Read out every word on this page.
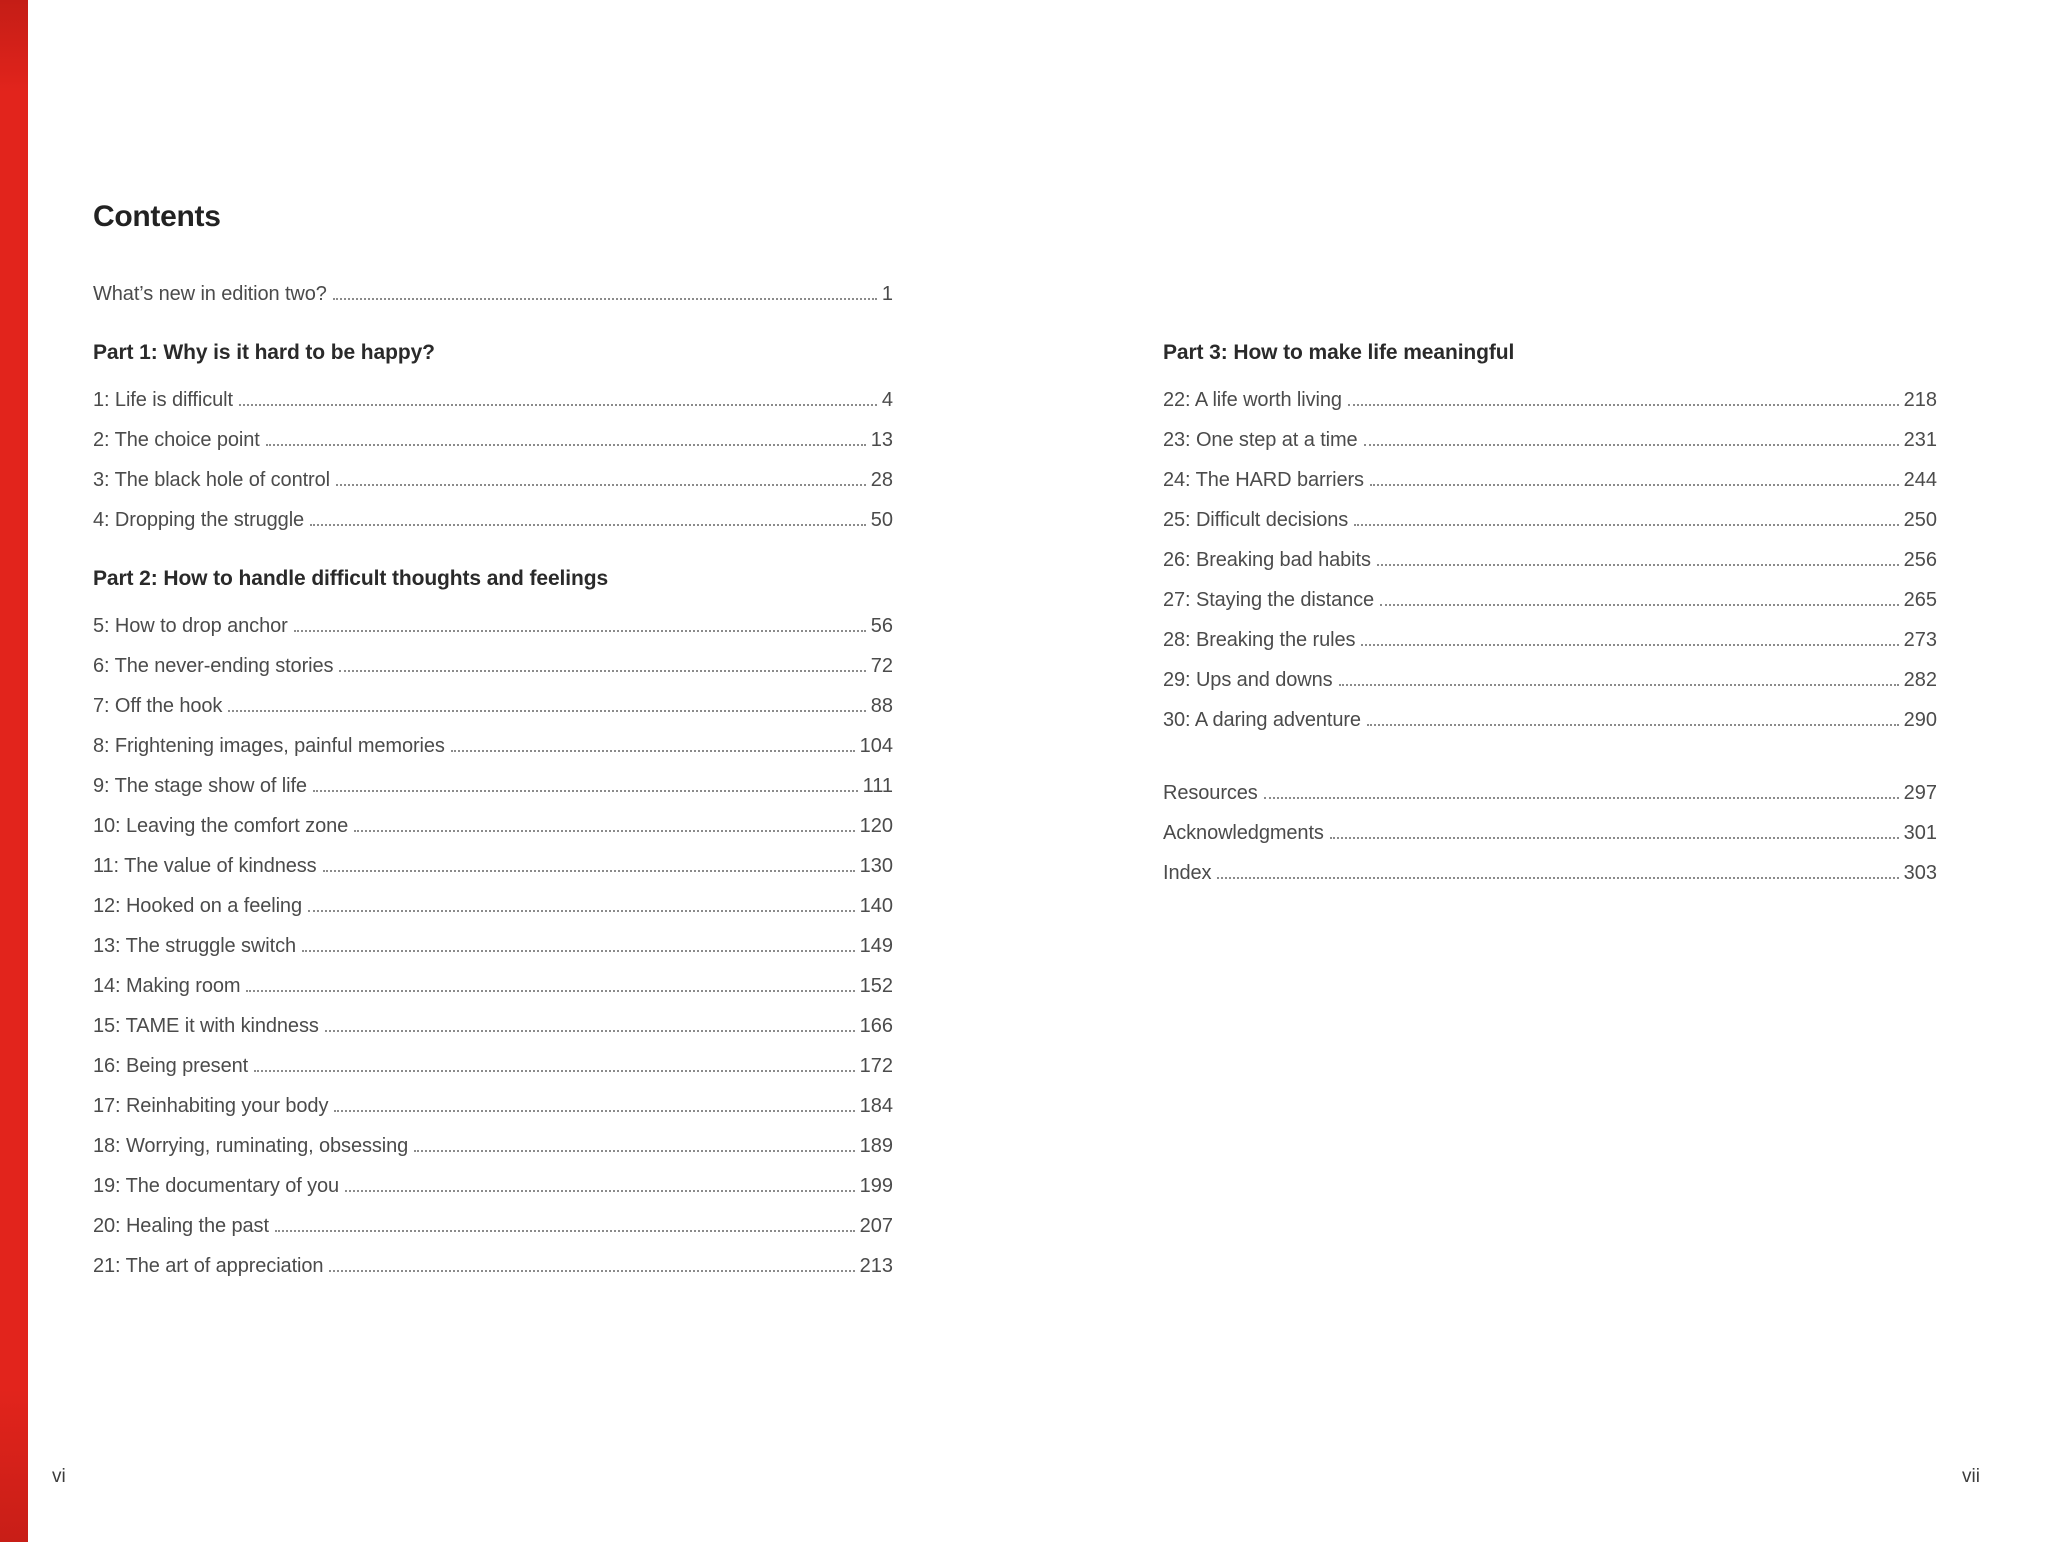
Contents
What’s new in edition two?	1
Part 1: Why is it hard to be happy?
1: Life is difficult	4
2: The choice point	13
3: The black hole of control	28
4: Dropping the struggle	50
Part 2: How to handle difficult thoughts and feelings
5: How to drop anchor	56
6: The never-ending stories	72
7: Off the hook	88
8: Frightening images, painful memories	104
9: The stage show of life	111
10: Leaving the comfort zone	120
11: The value of kindness	130
12: Hooked on a feeling	140
13: The struggle switch	149
14: Making room	152
15: TAME it with kindness	166
16: Being present	172
17: Reinhabiting your body	184
18: Worrying, ruminating, obsessing	189
19: The documentary of you	199
20: Healing the past	207
21: The art of appreciation	213
Part 3: How to make life meaningful
22: A life worth living	218
23: One step at a time	231
24: The HARD barriers	244
25: Difficult decisions	250
26: Breaking bad habits	256
27: Staying the distance	265
28: Breaking the rules	273
29: Ups and downs	282
30: A daring adventure	290
Resources	297
Acknowledgments	301
Index	303
vi	vii
